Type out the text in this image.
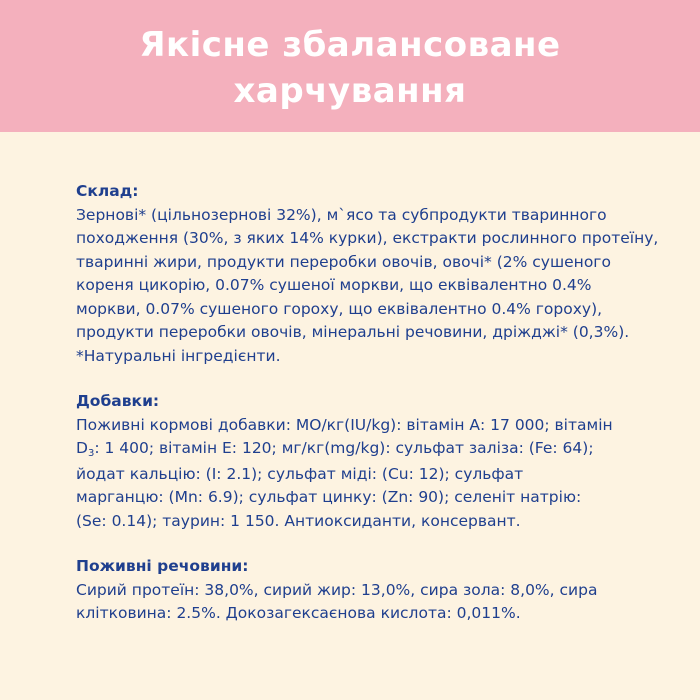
Якісне збалансоване
харчування
Склад:
Зернові* (цільнозернові 32%), м`ясо та субпродукти тваринного
походження (30%, з яких 14% курки), екстракти рослинного протеїну,
тваринні жири, продукти переробки овочів, овочі* (2% сушеного
кореня цикорію, 0.07% сушеної моркви, що еквівалентно 0.4%
моркви, 0.07% сушеного гороху, що еквівалентно 0.4% гороху),
продукти переробки овочів, мінеральні речовини, дріжджі* (0,3%).
*Натуральні інгредієнти.
Добавки:
Поживні кормові добавки: МО/кг(IU/kg): вітамін А: 17 000; вітамін
D3: 1 400; вітамін Е: 120; мг/кг(mg/kg): сульфат заліза: (Fe: 64);
йодат кальцію: (I: 2.1); сульфат міді: (Cu: 12); сульфат
марганцю: (Mn: 6.9); сульфат цинку: (Zn: 90); селеніт натрію:
(Se: 0.14); таурин: 1 150. Антиоксиданти, консервант.
Поживні речовини:
Сирий протеїн: 38,0%, сирий жир: 13,0%, сира зола: 8,0%, сира
клітковина: 2.5%. Докозагексаєнова кислота: 0,011%.
